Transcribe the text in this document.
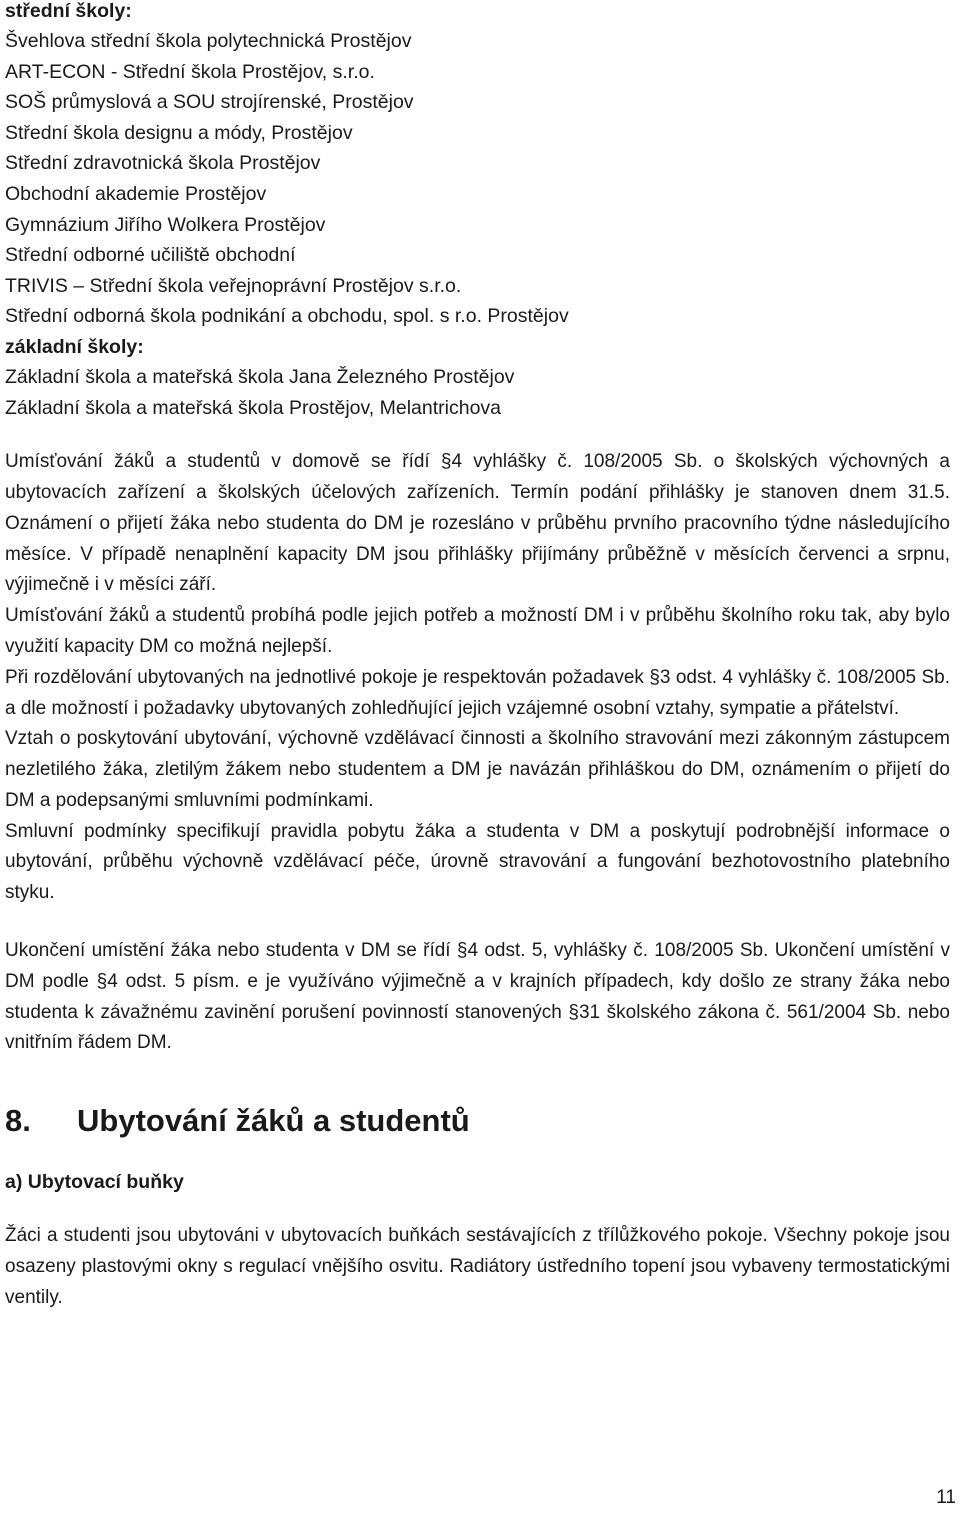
střední školy:
Švehlova střední škola polytechnická Prostějov
ART-ECON - Střední škola Prostějov, s.r.o.
SOŠ průmyslová a SOU strojírenské, Prostějov
Střední škola designu a módy, Prostějov
Střední zdravotnická škola Prostějov
Obchodní akademie Prostějov
Gymnázium Jiřího Wolkera Prostějov
Střední odborné učiliště obchodní
TRIVIS – Střední škola veřejnoprávní Prostějov s.r.o.
Střední odborná škola podnikání a obchodu, spol. s r.o. Prostějov
základní školy:
Základní škola a mateřská škola Jana Železného Prostějov
Základní škola a mateřská škola Prostějov, Melantrichova
Umísťování žáků a studentů v domově se řídí §4 vyhlášky č. 108/2005 Sb. o školských výchovných a ubytovacích zařízení a školských účelových zařízeních. Termín podání přihlášky je stanoven dnem 31.5. Oznámení o přijetí žáka nebo studenta do DM je rozesláno v průběhu prvního pracovního týdne následujícího měsíce. V případě nenaplnění kapacity DM jsou přihlášky přijímány průběžně v měsících červenci a srpnu, výjimečně i v měsíci září.
Umísťování žáků a studentů probíhá podle jejich potřeb a možností DM i v průběhu školního roku tak, aby bylo využití kapacity DM co možná nejlepší.
Při rozdělování ubytovaných na jednotlivé pokoje je respektován požadavek §3 odst. 4 vyhlášky č. 108/2005 Sb. a dle možností i požadavky ubytovaných zohledňující jejich vzájemné osobní vztahy, sympatie a přátelství.
Vztah o poskytování ubytování, výchovně vzdělávací činnosti a školního stravování mezi zákonným zástupcem nezletilého žáka, zletilým žákem nebo studentem a DM je navázán přihláškou do DM, oznámením o přijetí do DM a podepsanými smluvními podmínkami.
Smluvní podmínky specifikují pravidla pobytu žáka a studenta v DM a poskytují podrobnější informace o ubytování, průběhu výchovně vzdělávací péče, úrovně stravování a fungování bezhotovostního platebního styku.
Ukončení umístění žáka nebo studenta v DM se řídí §4 odst. 5, vyhlášky č. 108/2005 Sb. Ukončení umístění v DM podle §4 odst. 5 písm. e je využíváno výjimečně a v krajních případech, kdy došlo ze strany žáka nebo studenta k závažnému zavinění porušení povinností stanovených §31 školského zákona č. 561/2004 Sb. nebo vnitřním řádem DM.
8. Ubytování žáků a studentů
a) Ubytovací buňky
Žáci a studenti jsou ubytováni v ubytovacích buňkách sestávajících z třílůžkového pokoje. Všechny pokoje jsou osazeny plastovými okny s regulací vnějšího osvitu. Radiátory ústředního topení jsou vybaveny termostatickými ventily.
11
